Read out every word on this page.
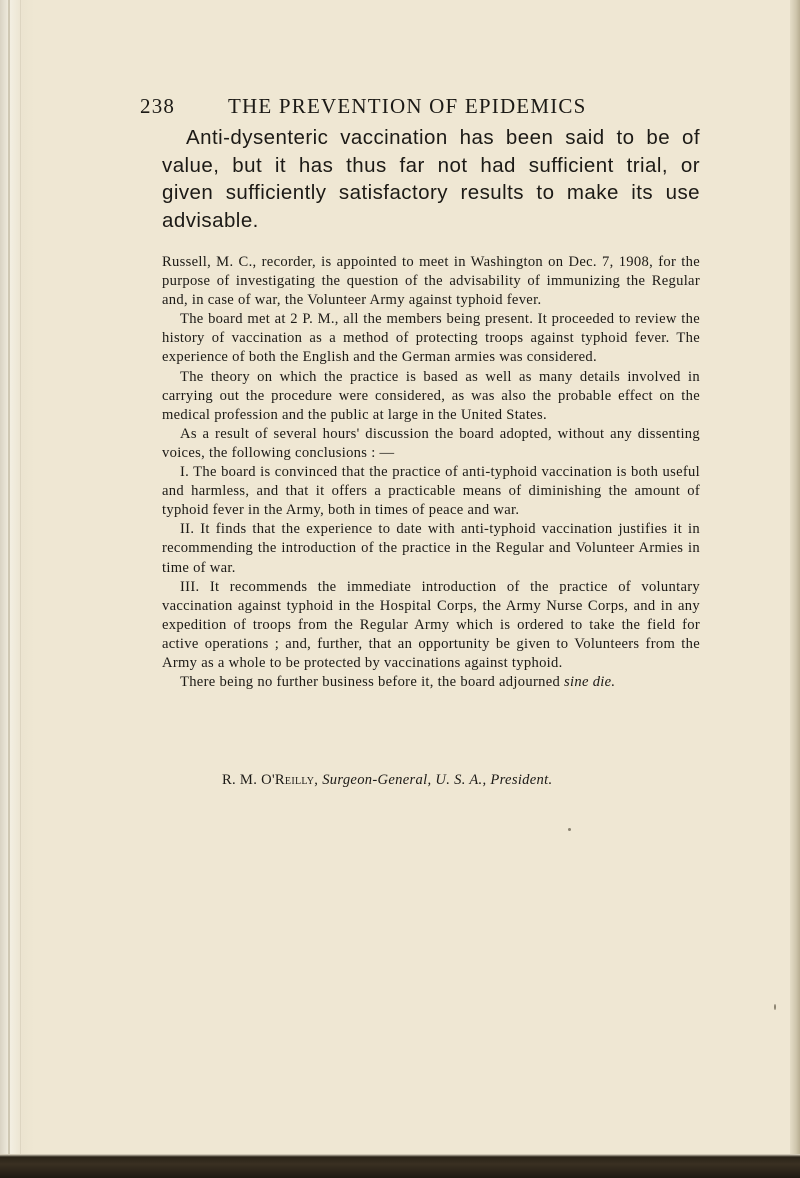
238	THE PREVENTION OF EPIDEMICS

Anti-dysenteric vaccination has been said to be of value, but it has thus far not had sufficient trial, or given sufficiently satisfactory results to make its use advisable.

Russell, M. C., recorder, is appointed to meet in Washington on Dec. 7, 1908, for the purpose of investigating the question of the advisability of immunizing the Regular and, in case of war, the Volunteer Army against typhoid fever.

The board met at 2 P. M., all the members being present. It proceeded to review the history of vaccination as a method of protecting troops against typhoid fever. The experience of both the English and the German armies was considered.

The theory on which the practice is based as well as many details involved in carrying out the procedure were considered, as was also the probable effect on the medical profession and the public at large in the United States.

As a result of several hours' discussion the board adopted, without any dissenting voices, the following conclusions : —

I. The board is convinced that the practice of anti-typhoid vaccination is both useful and harmless, and that it offers a practicable means of diminishing the amount of typhoid fever in the Army, both in times of peace and war.

II. It finds that the experience to date with anti-typhoid vaccination justifies it in recommending the introduction of the practice in the Regular and Volunteer Armies in time of war.

III. It recommends the immediate introduction of the practice of voluntary vaccination against typhoid in the Hospital Corps, the Army Nurse Corps, and in any expedition of troops from the Regular Army which is ordered to take the field for active operations ; and, further, that an opportunity be given to Volunteers from the Army as a whole to be protected by vaccinations against typhoid.

There being no further business before it, the board adjourned sine die.

R. M. O'Reilly, Surgeon-General, U. S. A., President.
